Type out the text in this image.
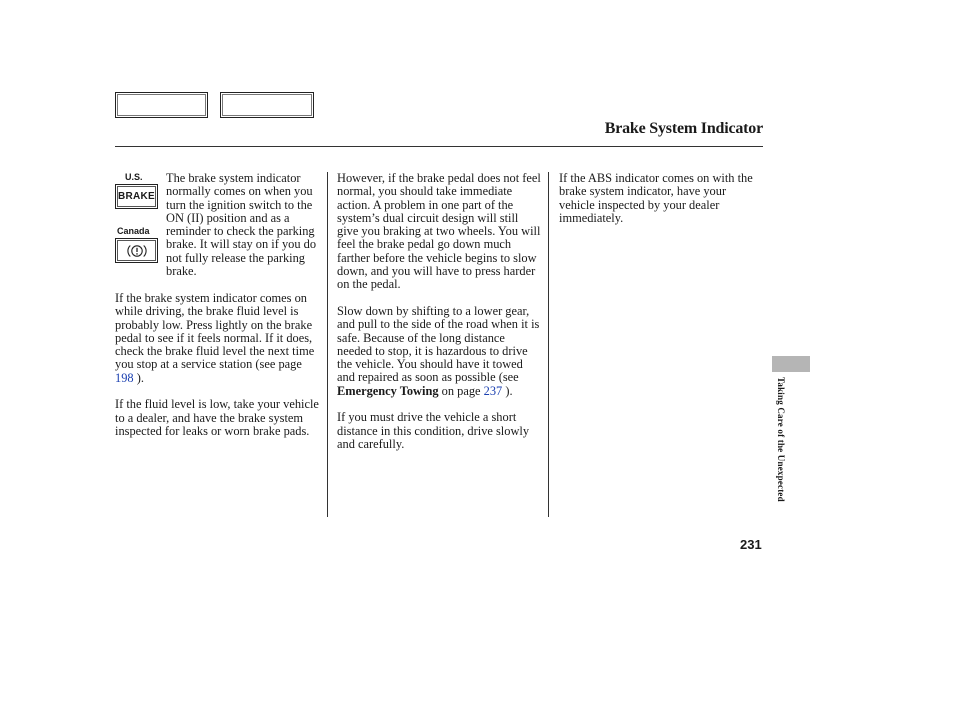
Brake System Indicator
U.S.
BRAKE
Canada

The brake system indicator normally comes on when you turn the ignition switch to the ON (II) position and as a reminder to check the parking brake. It will stay on if you do not fully release the parking brake.

If the brake system indicator comes on while driving, the brake fluid level is probably low. Press lightly on the brake pedal to see if it feels normal. If it does, check the brake fluid level the next time you stop at a service station (see page 198 ).

If the fluid level is low, take your vehicle to a dealer, and have the brake system inspected for leaks or worn brake pads.

However, if the brake pedal does not feel normal, you should take immediate action. A problem in one part of the system’s dual circuit design will still give you braking at two wheels. You will feel the brake pedal go down much farther before the vehicle begins to slow down, and you will have to press harder on the pedal.

Slow down by shifting to a lower gear, and pull to the side of the road when it is safe. Because of the long distance needed to stop, it is hazardous to drive the vehicle. You should have it towed and repaired as soon as possible (see Emergency Towing on page 237 ).

If you must drive the vehicle a short distance in this condition, drive slowly and carefully.

If the ABS indicator comes on with the brake system indicator, have your vehicle inspected by your dealer immediately.

Taking Care of the Unexpected
231
